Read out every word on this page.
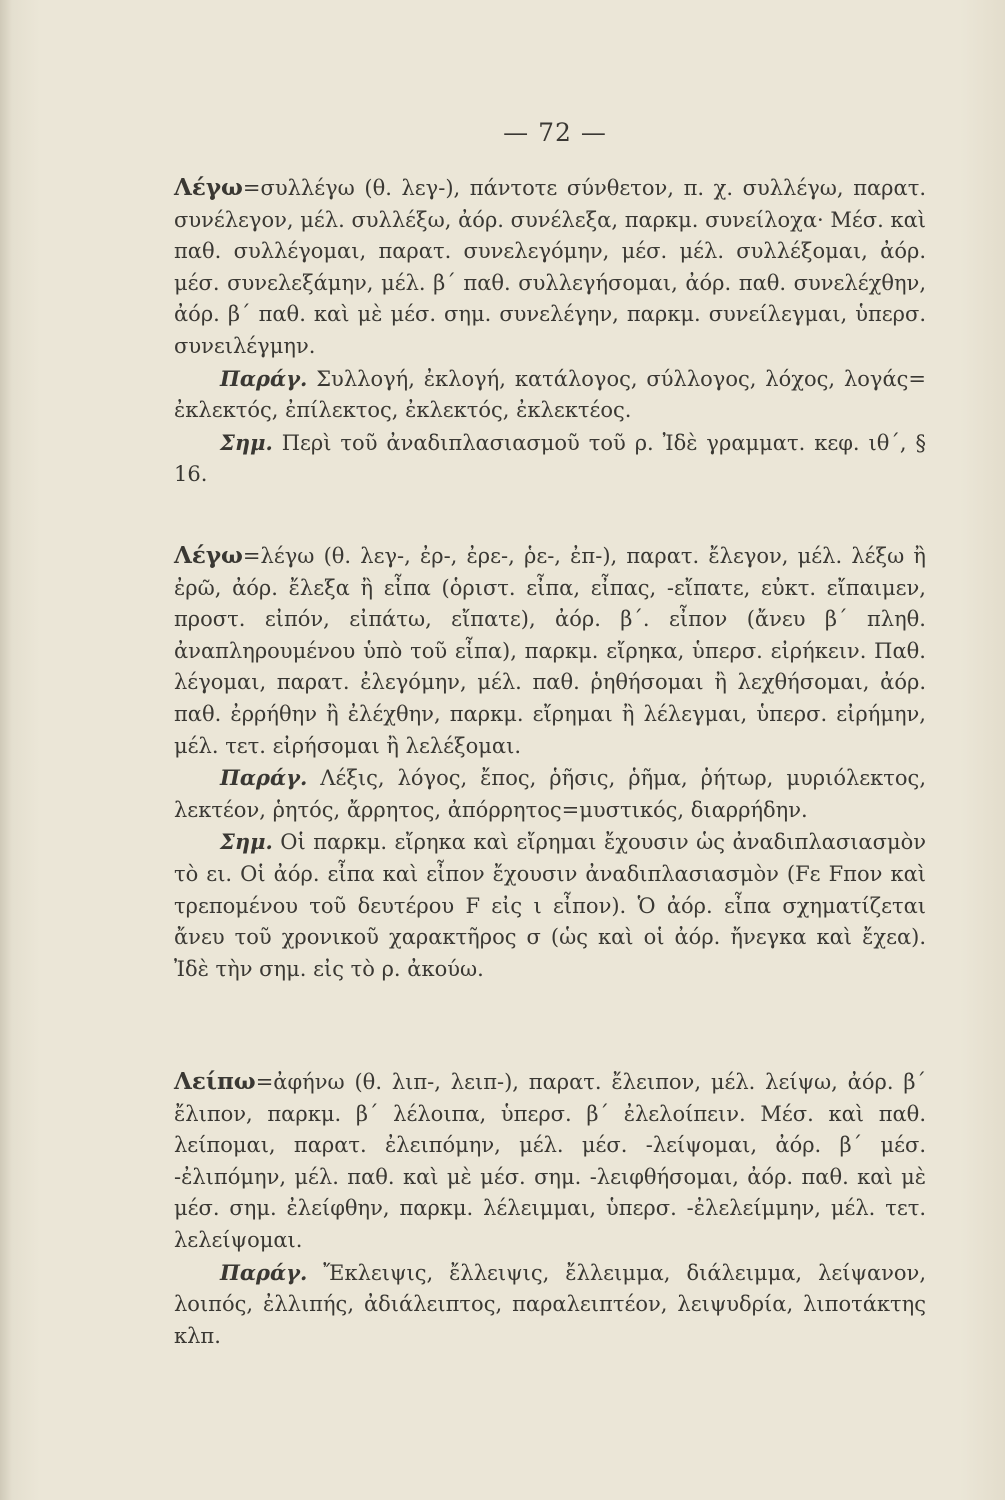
— 72 —

Λέγω=συλλέγω (θ. λεγ-), πάντοτε σύνθετον, π. χ. συλλέγω, παρατ. συνέλεγον, μέλ. συλλέξω, ἀόρ. συνέλεξα, παρκμ. συνείλοχα· Μέσ. καὶ παθ. συλλέγομαι, παρατ. συνελεγόμην, μέσ. μέλ. συλλέξομαι, ἀόρ. μέσ. συνελεξάμην, μέλ. β΄ παθ. συλλεγήσομαι, ἀόρ. παθ. συνελέχθην, ἀόρ. β΄ παθ. καὶ μὲ μέσ. σημ. συνελέγην, παρκμ. συνείλεγμαι, ὑπερσ. συνειλέγμην.

Παράγ. Συλλογή, ἐκλογή, κατάλογος, σύλλογος, λόχος, λογάς= ἐκλεκτός, ἐπίλεκτος, ἐκλεκτός, ἐκλεκτέος.

Σημ. Περὶ τοῦ ἀναδιπλασιασμοῦ τοῦ ρ. Ἰδὲ γραμματ. κεφ. ιθ΄, § 16.

Λέγω=λέγω (θ. λεγ-, ἐρ-, ἐρε-, ῥε-, ἐπ-), παρατ. ἔλεγον, μέλ. λέξω ἢ ἐρῶ, ἀόρ. ἔλεξα ἢ εἶπα (ὁριστ. εἶπα, εἶπας, -εἴπατε, εὐκτ. εἴπαιμεν, προστ. εἰπόν, εἰπάτω, εἴπατε), ἀόρ. β΄. εἶπον (ἄνευ β΄ πληθ. ἀναπληρουμένου ὑπὸ τοῦ εἶπα), παρκμ. εἴρηκα, ὑπερσ. εἰρήκειν. Παθ. λέγομαι, παρατ. ἐλεγόμην, μέλ. παθ. ῥηθήσομαι ἢ λεχθήσομαι, ἀόρ. παθ. ἐρρήθην ἢ ἐλέχθην, παρκμ. εἴρημαι ἢ λέλεγμαι, ὑπερσ. εἰρήμην, μέλ. τετ. εἰρήσομαι ἢ λελέξομαι.

Παράγ. Λέξις, λόγος, ἔπος, ῥῆσις, ῥῆμα, ῥήτωρ, μυριόλεκτος, λεκτέον, ῥητός, ἄρρητος, ἀπόρρητος=μυστικός, διαρρήδην.

Σημ. Οἱ παρκμ. εἴρηκα καὶ εἴρημαι ἔχουσιν ὡς ἀναδιπλασιασμὸν τὸ ει. Οἱ ἀόρ. εἶπα καὶ εἶπον ἔχουσιν ἀναδιπλασιασμὸν (Fε Fπον καὶ τρεπομένου τοῦ δευτέρου F εἰς ι εἶπον). Ὁ ἀόρ. εἶπα σχηματίζεται ἄνευ τοῦ χρονικοῦ χαρακτῆρος σ (ὡς καὶ οἱ ἀόρ. ἤνεγκα καὶ ἔχεα). Ἰδὲ τὴν σημ. εἰς τὸ ρ. ἀκούω.

Λείπω=ἀφήνω (θ. λιπ-, λειπ-), παρατ. ἔλειπον, μέλ. λείψω, ἀόρ. β΄ ἔλιπον, παρκμ. β΄ λέλοιπα, ὑπερσ. β΄ ἐλελοίπειν. Μέσ. καὶ παθ. λείπομαι, παρατ. ἐλειπόμην, μέλ. μέσ. -λείψομαι, ἀόρ. β΄ μέσ. -ἐλιπόμην, μέλ. παθ. καὶ μὲ μέσ. σημ. -λειφθήσομαι, ἀόρ. παθ. καὶ μὲ μέσ. σημ. ἐλείφθην, παρκμ. λέλειμμαι, ὑπερσ. -ἐλελείμμην, μέλ. τετ. λελείψομαι.

Παράγ. Ἔκλειψις, ἔλλειψις, ἔλλειμμα, διάλειμμα, λείψανον, λοιπός, ἐλλιπής, ἀδιάλειπτος, παραλειπτέον, λειψυδρία, λιποτάκτης κλπ.
